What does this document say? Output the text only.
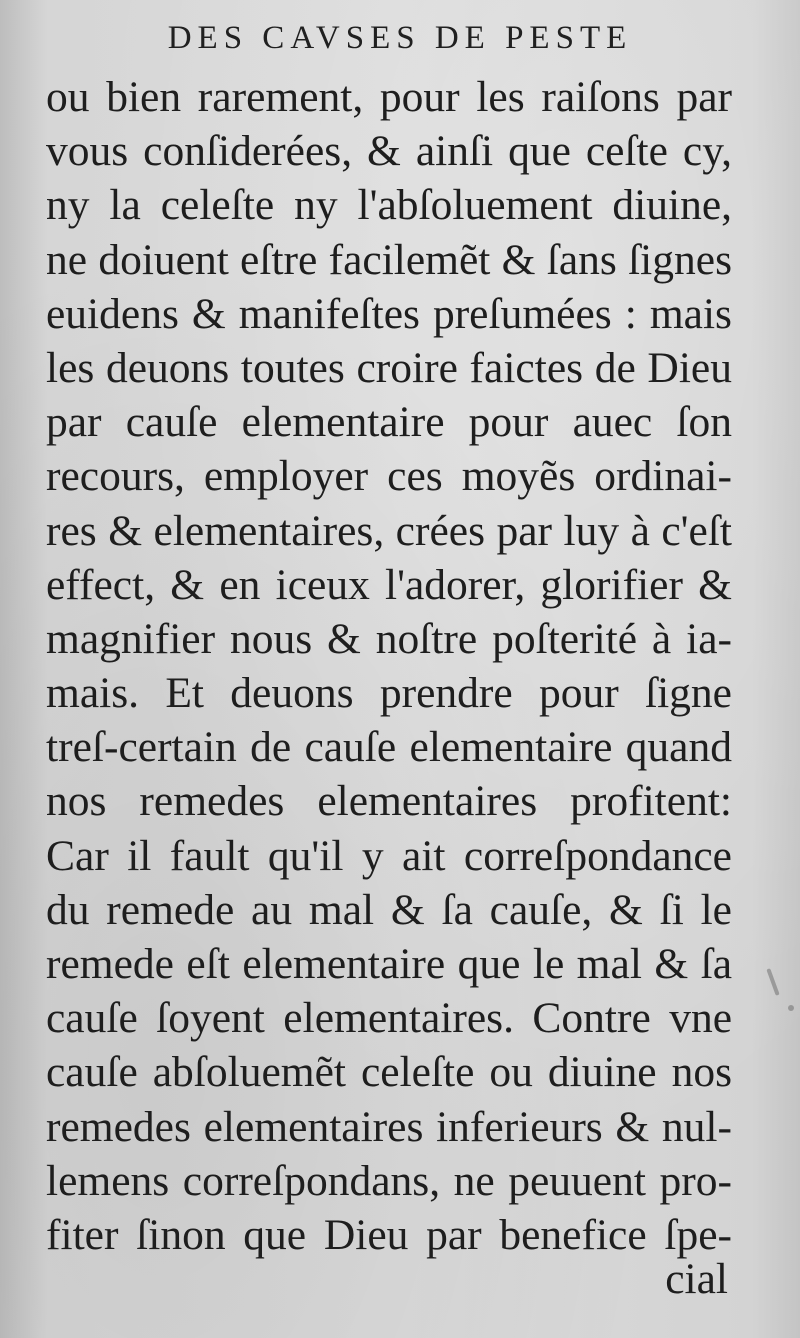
DES CAVSES DE PESTE
ou bien rarement, pour les raiſons par
vous conſiderées, & ainſi que ceſte cy,
ny la celeſte ny l'abſoluement diuine,
ne doiuent eſtre facilemẽt & ſans ſignes
euidens & manifeſtes preſumées : mais
les deuons toutes croire faictes de Dieu
par cauſe elementaire pour auec ſon
recours, employer ces moyẽs ordinai-
res & elementaires, crées par luy à c'eſt
effect, & en iceux l'adorer, glorifier &
magnifier nous & noſtre poſterité à ia-
mais. Et deuons prendre pour ſigne
treſ-certain de cauſe elementaire quand
nos remedes elementaires profitent:
Car il fault qu'il y ait correſpondance
du remede au mal & ſa cauſe, & ſi le
remede eſt elementaire que le mal & ſa
cauſe ſoyent elementaires. Contre vne
cauſe abſoluemẽt celeſte ou diuine nos
remedes elementaires inferieurs & nul-
lemens correſpondans, ne peuuent pro-
fiter ſinon que Dieu par benefice ſpe-
cial
